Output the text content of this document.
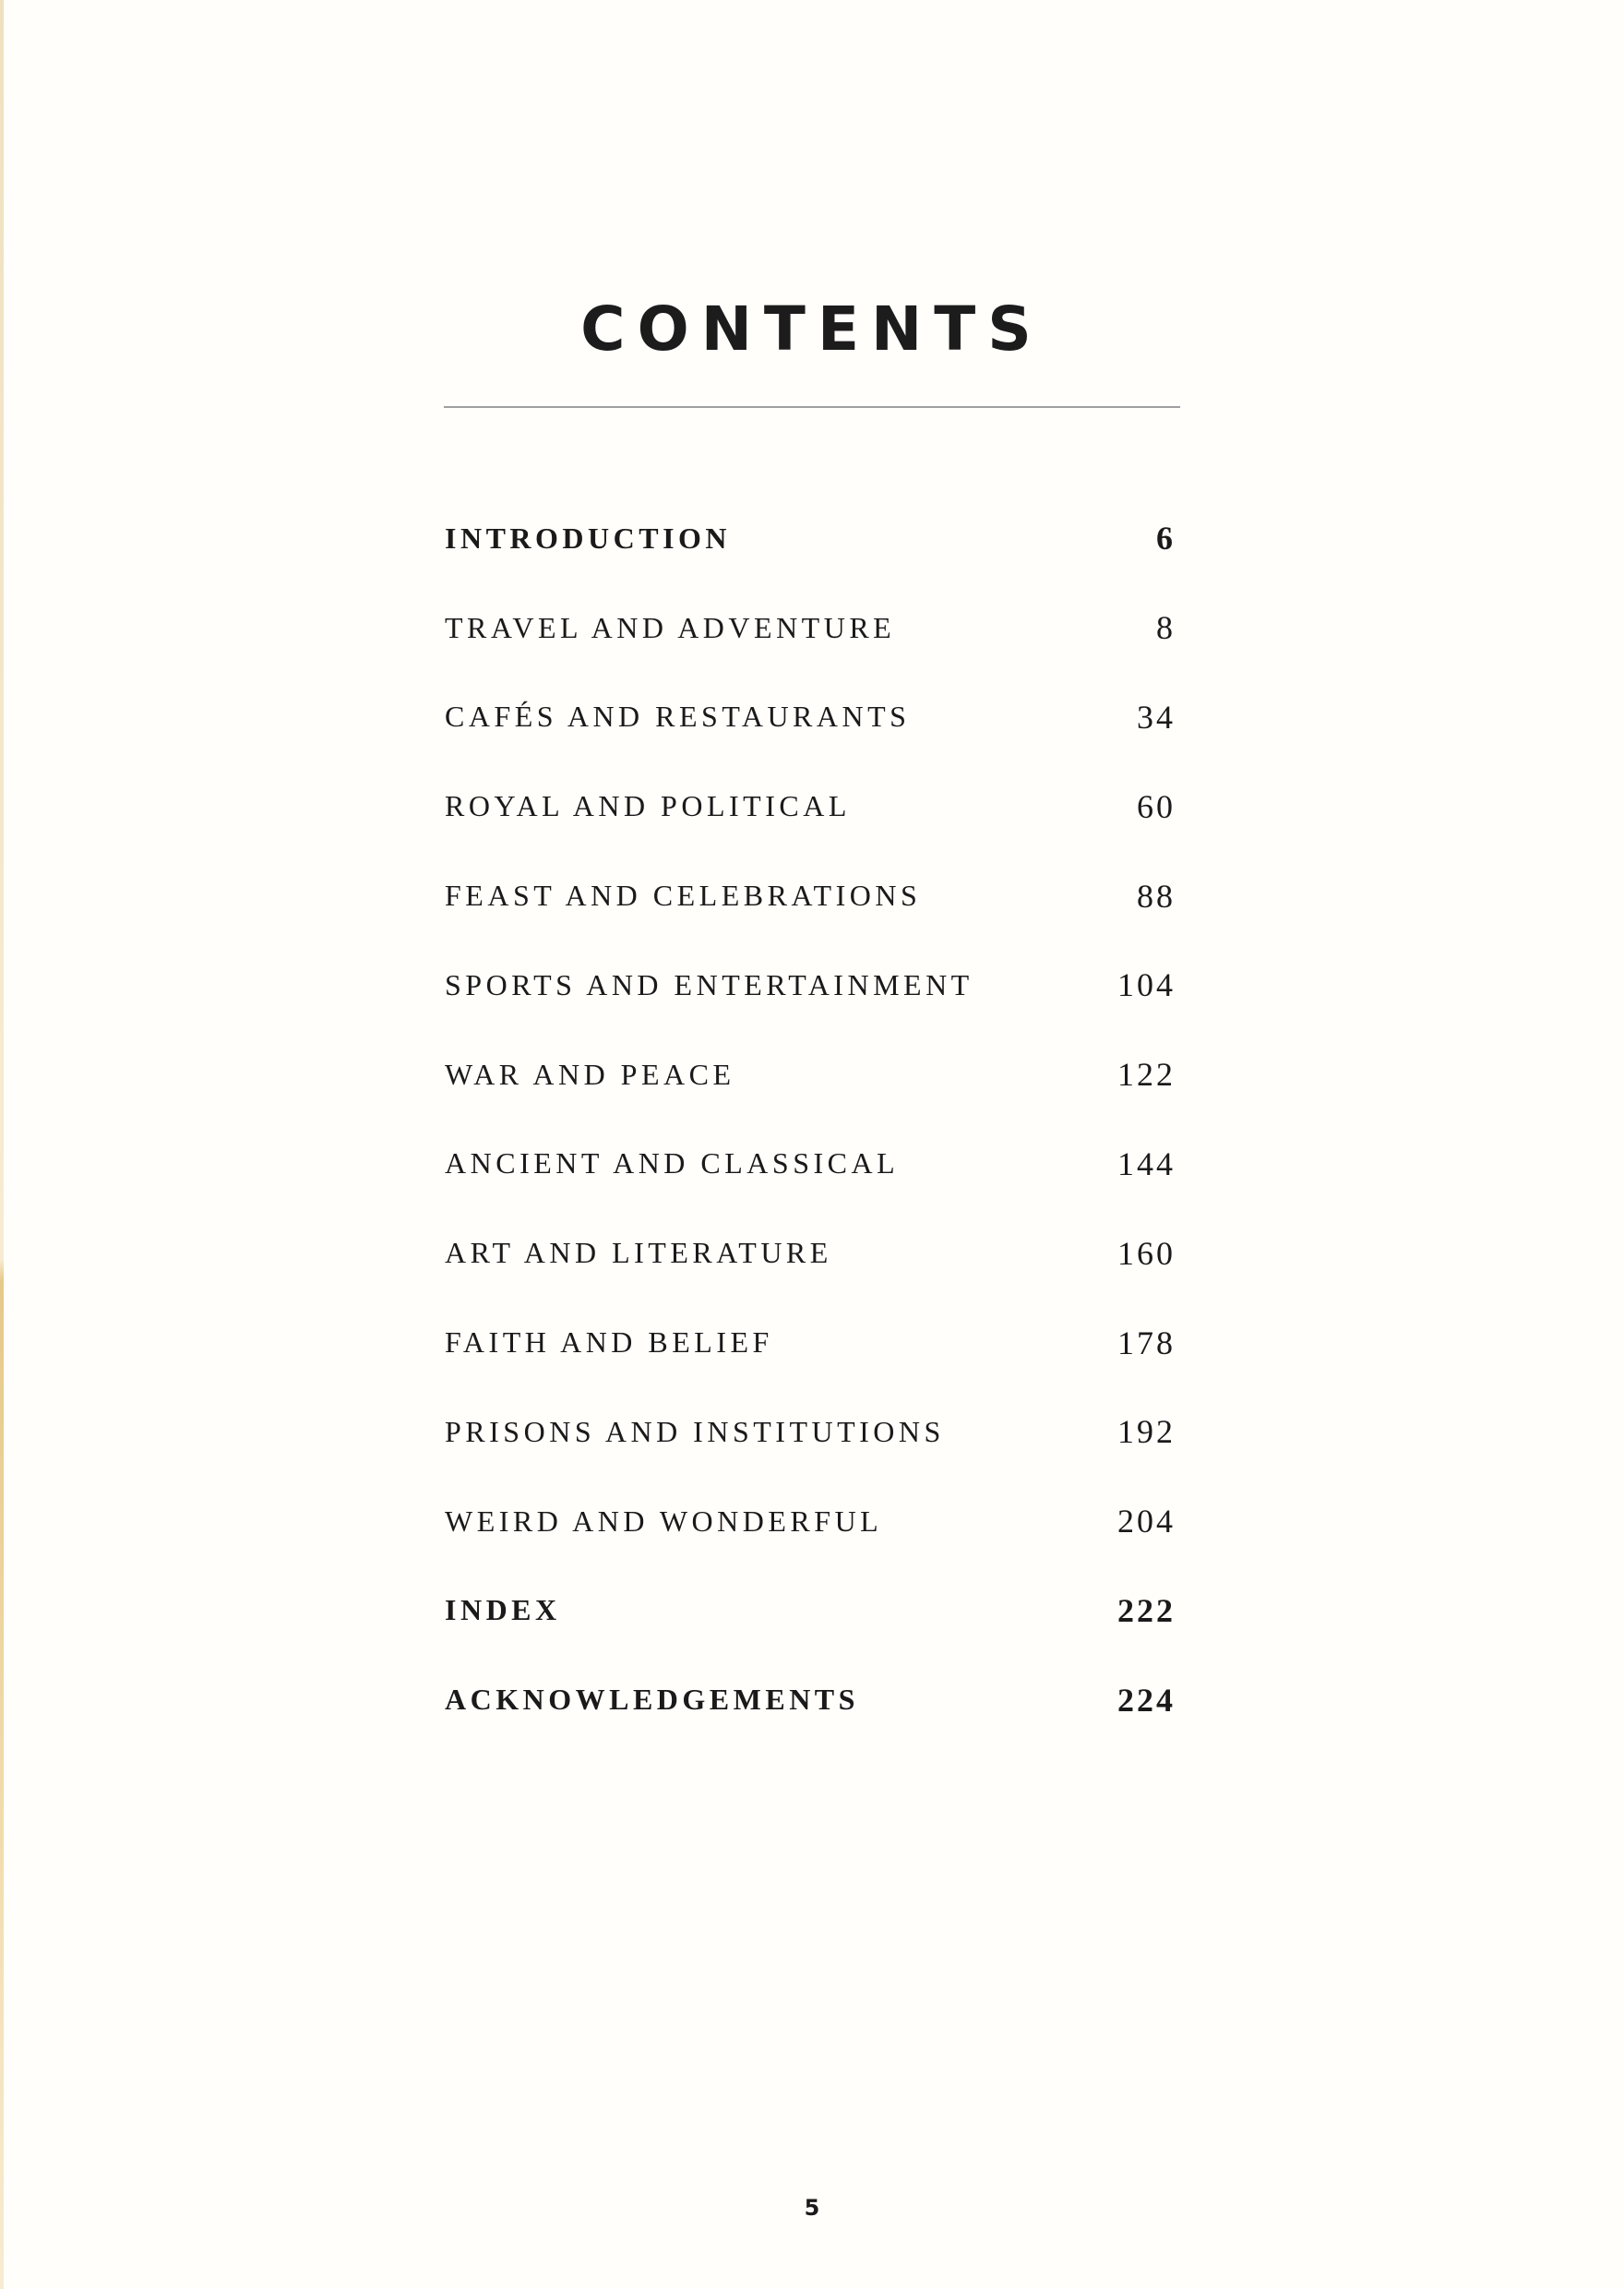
CONTENTS
INTRODUCTION	6
TRAVEL AND ADVENTURE	8
CAFÉS AND RESTAURANTS	34
ROYAL AND POLITICAL	60
FEAST AND CELEBRATIONS	88
SPORTS AND ENTERTAINMENT	104
WAR AND PEACE	122
ANCIENT AND CLASSICAL	144
ART AND LITERATURE	160
FAITH AND BELIEF	178
PRISONS AND INSTITUTIONS	192
WEIRD AND WONDERFUL	204
INDEX	222
ACKNOWLEDGEMENTS	224
5
